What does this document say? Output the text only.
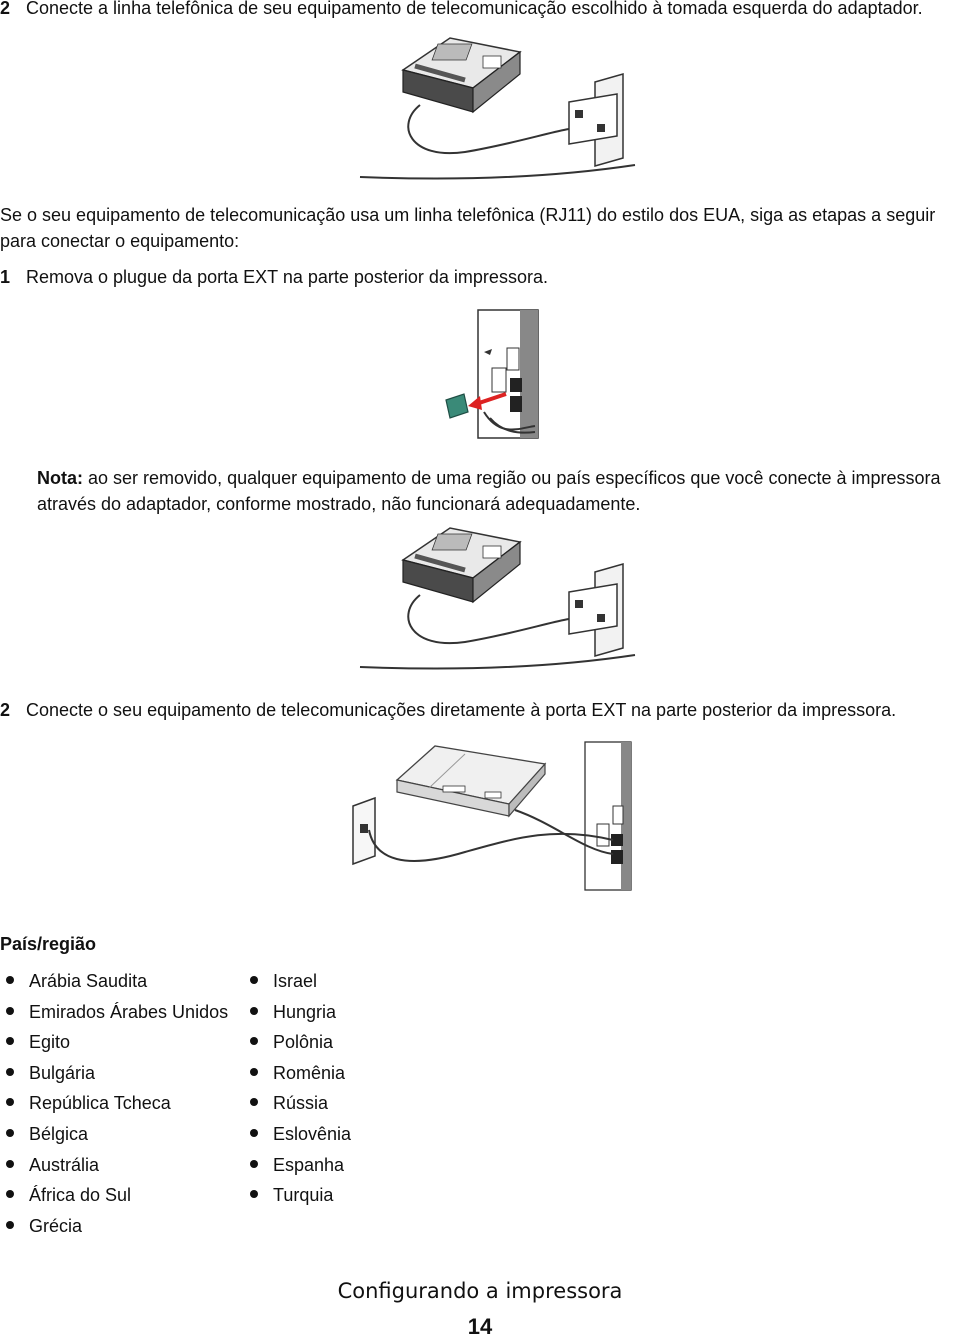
2 Conecte a linha telefônica de seu equipamento de telecomunicação escolhido à tomada esquerda do adaptador.
Se o seu equipamento de telecomunicação usa um linha telefônica (RJ11) do estilo dos EUA, siga as etapas a seguir para conectar o equipamento:
1 Remova o plugue da porta EXT na parte posterior da impressora.
Nota: ao ser removido, qualquer equipamento de uma região ou país específicos que você conecte à impressora através do adaptador, conforme mostrado, não funcionará adequadamente.
2 Conecte o seu equipamento de telecomunicações diretamente à porta EXT na parte posterior da impressora.
País/região
Arábia Saudita
Emirados Árabes Unidos
Egito
Bulgária
República Tcheca
Bélgica
Austrália
África do Sul
Grécia
Israel
Hungria
Polônia
Romênia
Rússia
Eslovênia
Espanha
Turquia
Configurando a impressora
14
